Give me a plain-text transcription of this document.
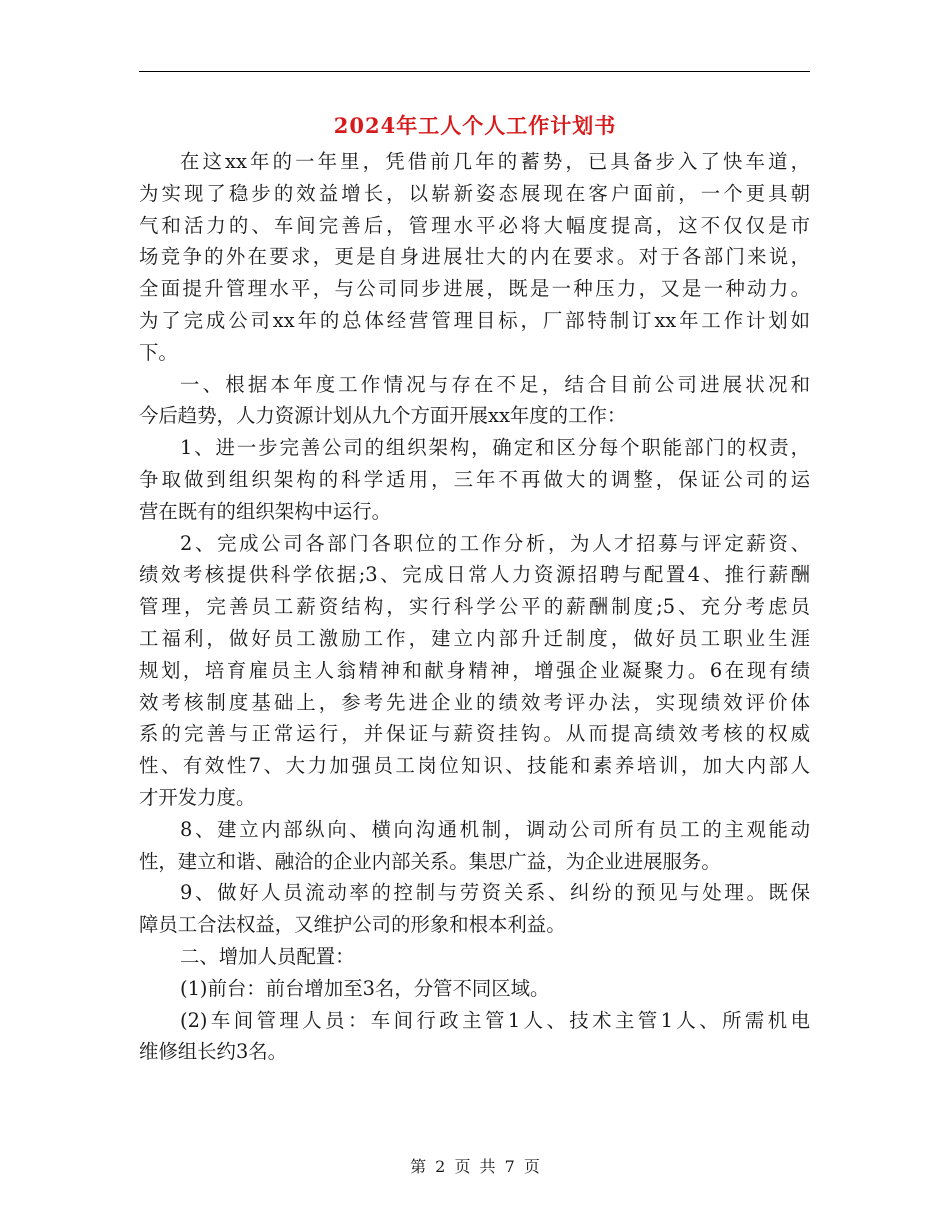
2024年工人个人工作计划书
在这xx年的一年里，凭借前几年的蓄势，已具备步入了快车道，
为实现了稳步的效益增长，以崭新姿态展现在客户面前，一个更具朝
气和活力的、车间完善后，管理水平必将大幅度提高，这不仅仅是市
场竞争的外在要求，更是自身进展壮大的内在要求。对于各部门来说，
全面提升管理水平，与公司同步进展，既是一种压力，又是一种动力。
为了完成公司xx年的总体经营管理目标，厂部特制订xx年工作计划如
下。
一、根据本年度工作情况与存在不足，结合目前公司进展状况和
今后趋势，人力资源计划从九个方面开展xx年度的工作：
1、进一步完善公司的组织架构，确定和区分每个职能部门的权责，
争取做到组织架构的科学适用，三年不再做大的调整，保证公司的运
营在既有的组织架构中运行。
2、完成公司各部门各职位的工作分析，为人才招募与评定薪资、
绩效考核提供科学依据;3、完成日常人力资源招聘与配置4、推行薪酬
管理，完善员工薪资结构，实行科学公平的薪酬制度;5、充分考虑员
工福利，做好员工激励工作，建立内部升迁制度，做好员工职业生涯
规划，培育雇员主人翁精神和献身精神，增强企业凝聚力。6在现有绩
效考核制度基础上，参考先进企业的绩效考评办法，实现绩效评价体
系的完善与正常运行，并保证与薪资挂钩。从而提高绩效考核的权威
性、有效性7、大力加强员工岗位知识、技能和素养培训，加大内部人
才开发力度。
8、建立内部纵向、横向沟通机制，调动公司所有员工的主观能动
性，建立和谐、融洽的企业内部关系。集思广益，为企业进展服务。
9、做好人员流动率的控制与劳资关系、纠纷的预见与处理。既保
障员工合法权益，又维护公司的形象和根本利益。
二、增加人员配置：
(1)前台：前台增加至3名，分管不同区域。
(2)车间管理人员：车间行政主管1人、技术主管1人、所需机电
维修组长约3名。
第 2 页 共 7 页
